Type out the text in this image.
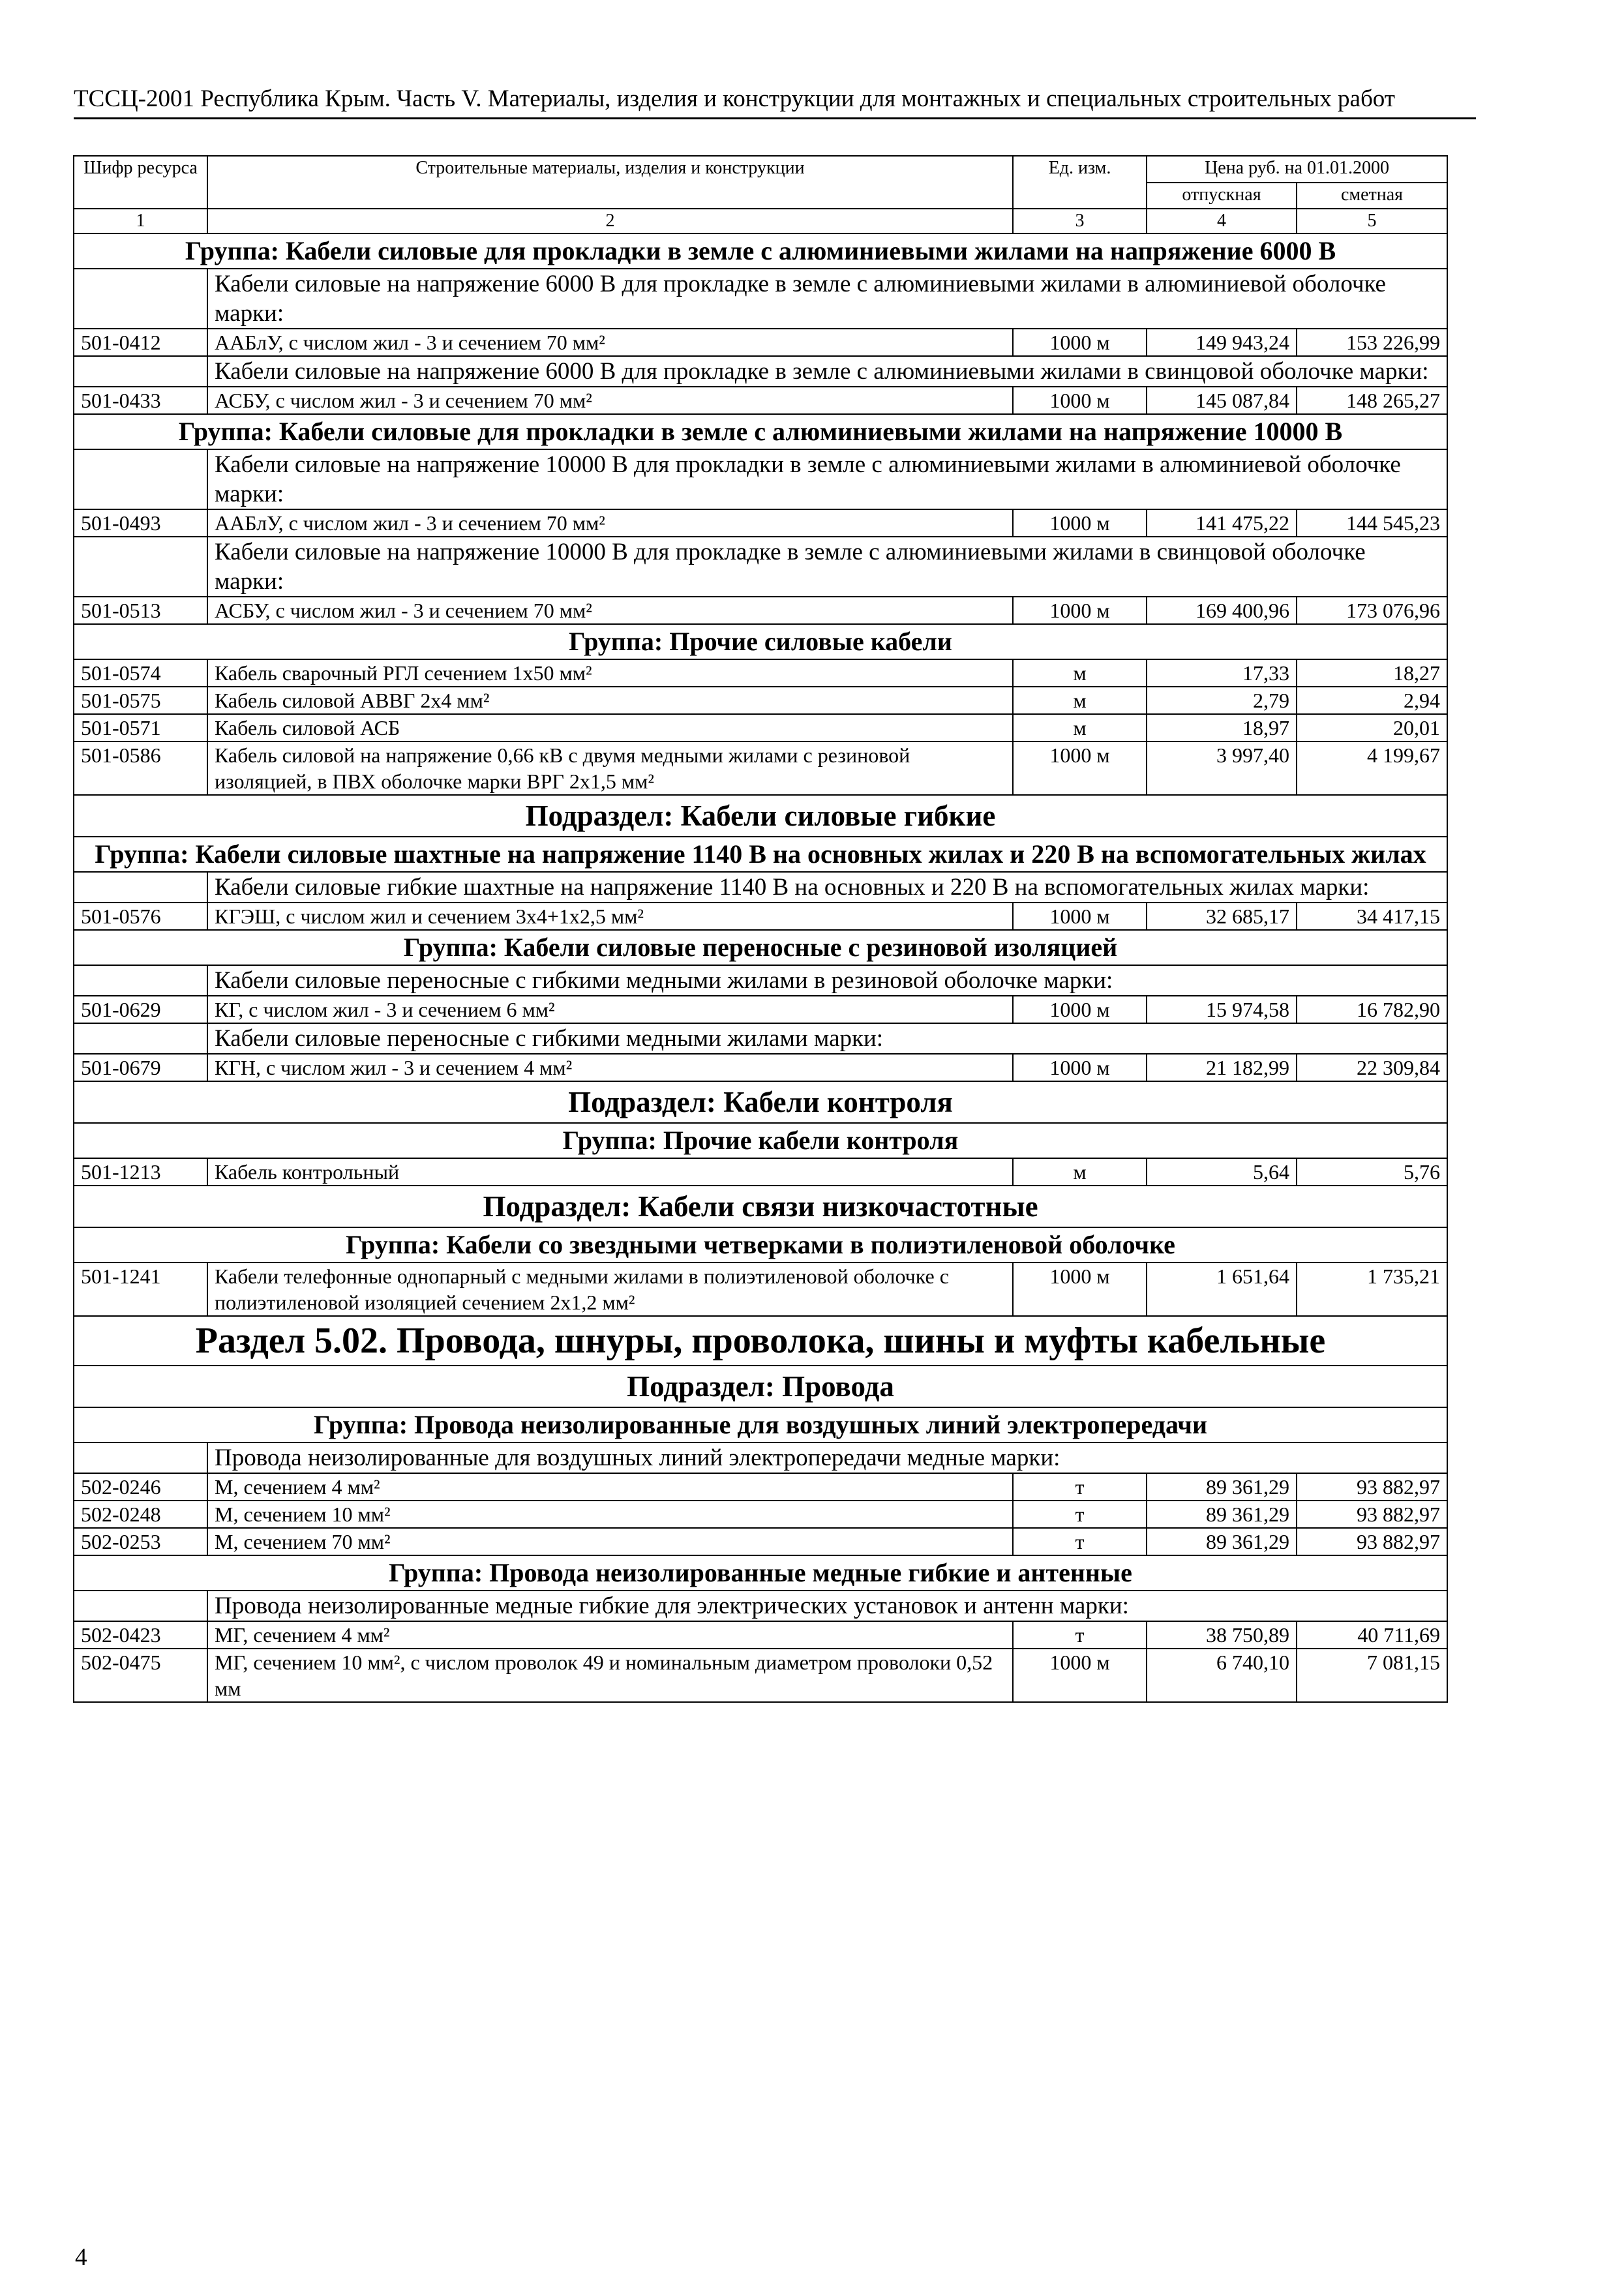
ТССЦ-2001 Республика Крым. Часть V. Материалы, изделия и конструкции для монтажных и специальных строительных работ
Шифр ресурса	Строительные материалы, изделия и конструкции	Ед. изм.	Цена руб. на 01.01.2000	
			отпускная	сметная
1	2	3	4	5
Группа: Кабели силовые для прокладки в земле с алюминиевыми жилами на напряжение 6000 В				
	Кабели силовые на напряжение 6000 В для прокладке в земле с алюминиевыми жилами в алюминиевой оболочке марки:			
501-0412	ААБлУ, с числом жил - 3 и сечением 70 мм²	1000 м	149 943,24	153 226,99
	Кабели силовые на напряжение 6000 В для прокладке в земле с алюминиевыми жилами в свинцовой оболочке марки:			
501-0433	АСБУ, с числом жил - 3 и сечением 70 мм²	1000 м	145 087,84	148 265,27
Группа: Кабели силовые для прокладки в земле с алюминиевыми жилами на напряжение 10000 В				
	Кабели силовые на напряжение 10000 В для прокладки в земле с алюминиевыми жилами в алюминиевой оболочке марки:			
501-0493	ААБлУ, с числом жил - 3 и сечением 70 мм²	1000 м	141 475,22	144 545,23
	Кабели силовые на напряжение 10000 В для прокладке в земле с алюминиевыми жилами в свинцовой оболочке марки:			
501-0513	АСБУ, с числом жил - 3 и сечением 70 мм²	1000 м	169 400,96	173 076,96
Группа: Прочие силовые кабели				
501-0574	Кабель сварочный РГЛ сечением 1х50 мм²	м	17,33	18,27
501-0575	Кабель силовой АВВГ 2х4 мм²	м	2,79	2,94
501-0571	Кабель силовой АСБ	м	18,97	20,01
501-0586	Кабель силовой на напряжение 0,66 кВ с двумя медными жилами с резиновой изоляцией, в ПВХ оболочке марки ВРГ 2х1,5 мм²	1000 м	3 997,40	4 199,67
Подраздел: Кабели силовые гибкие				
Группа: Кабели силовые шахтные на напряжение 1140 В на основных жилах и 220 В на вспомогательных жилах				
	Кабели силовые гибкие шахтные на напряжение 1140 В на основных и 220 В на вспомогательных жилах марки:			
501-0576	КГЭШ, с числом жил и сечением 3х4+1х2,5 мм²	1000 м	32 685,17	34 417,15
Группа: Кабели силовые переносные с резиновой изоляцией				
	Кабели силовые переносные с гибкими медными жилами в резиновой оболочке марки:			
501-0629	КГ, с числом жил - 3 и сечением 6 мм²	1000 м	15 974,58	16 782,90
	Кабели силовые переносные с гибкими медными жилами марки:			
501-0679	КГН, с числом жил - 3 и сечением 4 мм²	1000 м	21 182,99	22 309,84
Подраздел: Кабели контроля				
Группа: Прочие кабели контроля				
501-1213	Кабель контрольный	м	5,64	5,76
Подраздел: Кабели связи низкочастотные				
Группа: Кабели со звездными четверками в полиэтиленовой оболочке				
501-1241	Кабели телефонные однопарный с медными жилами в полиэтиленовой оболочке с полиэтиленовой изоляцией сечением 2х1,2 мм²	1000 м	1 651,64	1 735,21
Раздел 5.02. Провода, шнуры, проволока, шины и муфты кабельные				
Подраздел: Провода				
Группа: Провода неизолированные для воздушных линий электропередачи				
	Провода неизолированные для воздушных линий электропередачи медные марки:			
502-0246	М, сечением 4 мм²	т	89 361,29	93 882,97
502-0248	М, сечением 10 мм²	т	89 361,29	93 882,97
502-0253	М, сечением 70 мм²	т	89 361,29	93 882,97
Группа: Провода неизолированные медные гибкие и антенные				
	Провода неизолированные медные гибкие для электрических установок и антенн марки:			
502-0423	МГ, сечением 4 мм²	т	38 750,89	40 711,69
502-0475	МГ, сечением 10 мм², с числом проволок 49 и номинальным диаметром проволоки 0,52 мм	1000 м	6 740,10	7 081,15
4
